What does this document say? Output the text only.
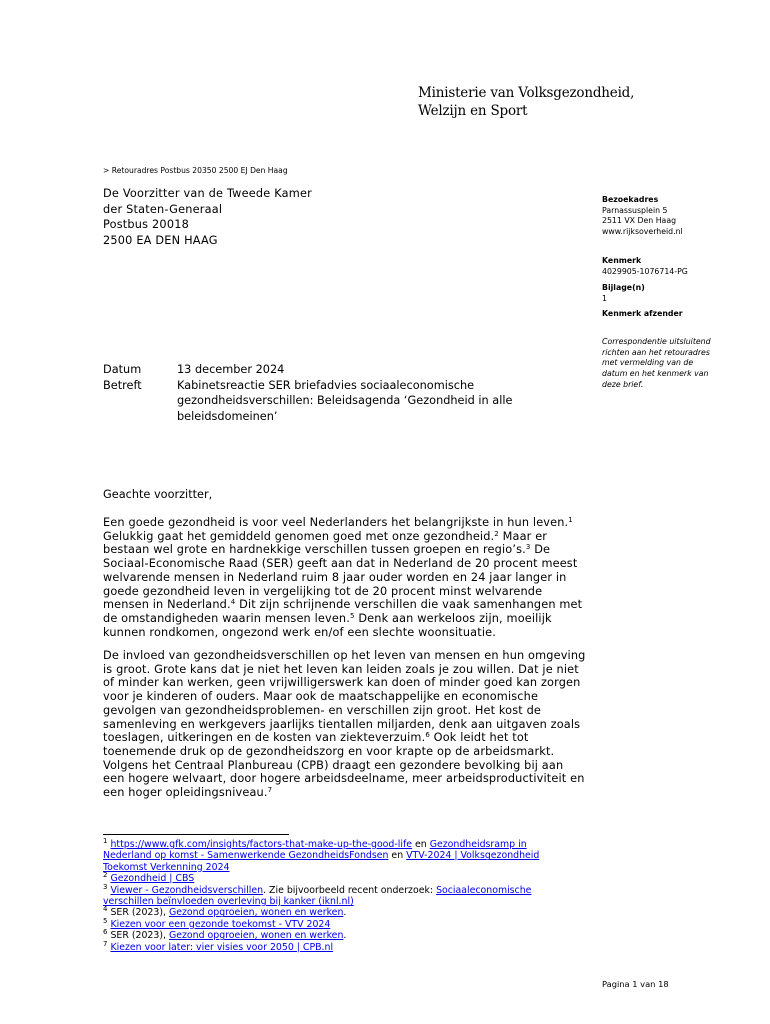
Ministerie van Volksgezondheid,
Welzijn en Sport
> Retouradres Postbus 20350 2500 EJ Den Haag
De Voorzitter van de Tweede Kamer
der Staten-Generaal
Postbus 20018
2500 EA DEN HAAG
Bezoekadres
Parnassusplein 5
2511 VX Den Haag
www.rijksoverheid.nl
Kenmerk
4029905-1076714-PG
Bijlage(n)
1
Kenmerk afzender
Correspondentie uitsluitend
richten aan het retouradres
met vermelding van de
datum en het kenmerk van
deze brief.
Datum	13 december 2024
Betreft	Kabinetsreactie SER briefadvies sociaaleconomische
gezondheidsverschillen: Beleidsagenda ‘Gezondheid in alle
beleidsdomeinen’
Geachte voorzitter,
Een goede gezondheid is voor veel Nederlanders het belangrijkste in hun leven.$^1$
Gelukkig gaat het gemiddeld genomen goed met onze gezondheid.$^2$ Maar er
bestaan wel grote en hardnekkige verschillen tussen groepen en regio’s.$^3$ De
Sociaal-Economische Raad (SER) geeft aan dat in Nederland de 20 procent meest
welvarende mensen in Nederland ruim 8 jaar ouder worden en 24 jaar langer in
goede gezondheid leven in vergelijking tot de 20 procent minst welvarende
mensen in Nederland.$^4$ Dit zijn schrijnende verschillen die vaak samenhangen met
de omstandigheden waarin mensen leven.$^5$ Denk aan werkeloos zijn, moeilijk
kunnen rondkomen, ongezond werk en/of een slechte woonsituatie.
De invloed van gezondheidsverschillen op het leven van mensen en hun omgeving
is groot. Grote kans dat je niet het leven kan leiden zoals je zou willen. Dat je niet
of minder kan werken, geen vrijwilligerswerk kan doen of minder goed kan zorgen
voor je kinderen of ouders. Maar ook de maatschappelijke en economische
gevolgen van gezondheidsproblemen- en verschillen zijn groot. Het kost de
samenleving en werkgevers jaarlijks tientallen miljarden, denk aan uitgaven zoals
toeslagen, uitkeringen en de kosten van ziekteverzuim.$^6$ Ook leidt het tot
toenemende druk op de gezondheidszorg en voor krapte op de arbeidsmarkt.
Volgens het Centraal Planbureau (CPB) draagt een gezondere bevolking bij aan
een hogere welvaart, door hogere arbeidsdeelname, meer arbeidsproductiviteit en
een hoger opleidingsniveau.$^7$
$^1$ https://www.gfk.com/insights/factors-that-make-up-the-good-life en Gezondheidsramp in
Nederland op komst - Samenwerkende GezondheidsFondsen en VTV-2024 | Volksgezondheid
Toekomst Verkenning 2024
$^2$ Gezondheid | CBS
$^3$ Viewer - Gezondheidsverschillen. Zie bijvoorbeeld recent onderzoek: Sociaaleconomische
verschillen beïnvloeden overleving bij kanker (iknl.nl)
$^4$ SER (2023), Gezond opgroeien, wonen en werken.
$^5$ Kiezen voor een gezonde toekomst - VTV 2024
$^6$ SER (2023), Gezond opgroeien, wonen en werken.
$^7$ Kiezen voor later: vier visies voor 2050 | CPB.nl
Pagina 1 van 18
